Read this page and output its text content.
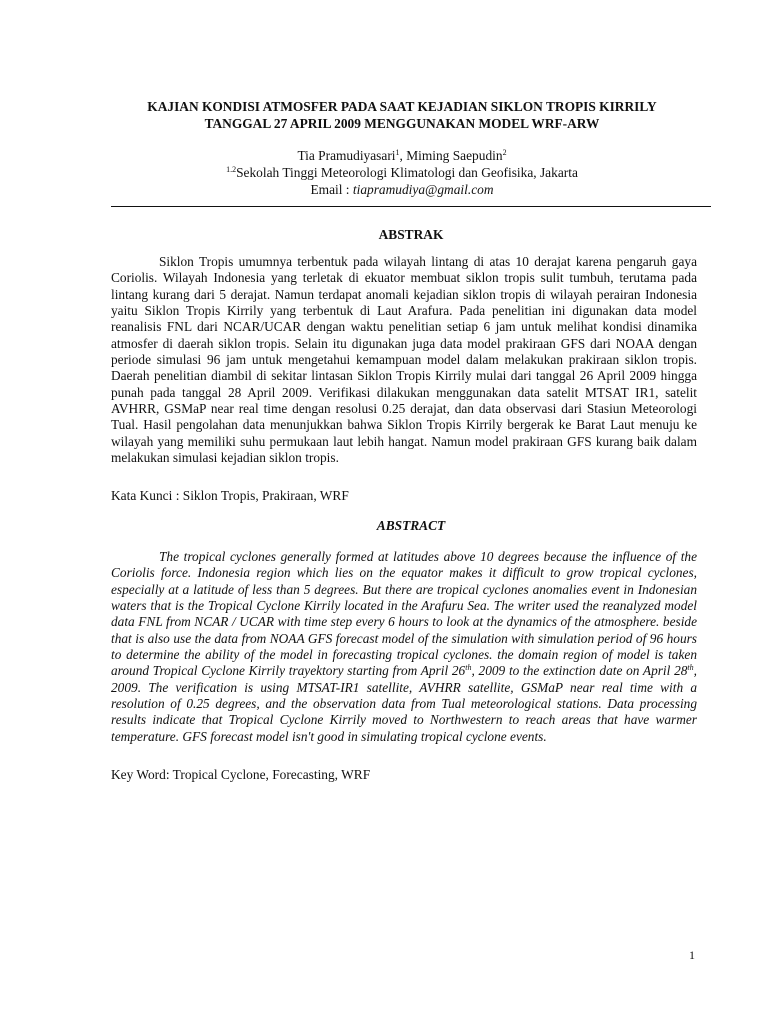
KAJIAN KONDISI ATMOSFER PADA SAAT KEJADIAN SIKLON TROPIS KIRRILY
TANGGAL 27 APRIL 2009 MENGGUNAKAN MODEL WRF-ARW
Tia Pramudiyasari$^1$, Miming Saepudin$^2$
$^{1.2}$Sekolah Tinggi Meteorologi Klimatologi dan Geofisika, Jakarta
Email : tiapramudiya@gmail.com
ABSTRAK

Siklon Tropis umumnya terbentuk pada wilayah lintang di atas 10 derajat karena pengaruh gaya Coriolis. Wilayah Indonesia yang terletak di ekuator membuat siklon tropis sulit tumbuh, terutama pada lintang kurang dari 5 derajat. Namun terdapat anomali kejadian siklon tropis di wilayah perairan Indonesia yaitu Siklon Tropis Kirrily yang terbentuk di Laut Arafura. Pada penelitian ini digunakan data model reanalisis FNL dari NCAR/UCAR dengan waktu penelitian setiap 6 jam untuk melihat kondisi dinamika atmosfer di daerah siklon tropis. Selain itu digunakan juga data model prakiraan GFS dari NOAA dengan periode simulasi 96 jam untuk mengetahui kemampuan model dalam melakukan prakiraan siklon tropis. Daerah penelitian diambil di sekitar lintasan Siklon Tropis Kirrily mulai dari tanggal 26 April 2009 hingga punah pada tanggal 28 April 2009. Verifikasi dilakukan menggunakan data satelit MTSAT IR1, satelit AVHRR, GSMaP near real time dengan resolusi 0.25 derajat, dan data observasi dari Stasiun Meteorologi Tual. Hasil pengolahan data menunjukkan bahwa Siklon Tropis Kirrily bergerak ke Barat Laut menuju ke wilayah yang memiliki suhu permukaan laut lebih hangat. Namun model prakiraan GFS kurang baik dalam melakukan simulasi kejadian siklon tropis.

Kata Kunci : Siklon Tropis, Prakiraan, WRF

ABSTRACT

The tropical cyclones generally formed at latitudes above 10 degrees because the influence of the Coriolis force. Indonesia region which lies on the equator makes it difficult to grow tropical cyclones, especially at a latitude of less than 5 degrees. But there are tropical cyclones anomalies event in Indonesian waters that is the Tropical Cyclone Kirrily located in the Arafuru Sea. The writer used the reanalyzed model data FNL from NCAR / UCAR with time step every 6 hours to look at the dynamics of the atmosphere. beside that is also use the data from NOAA GFS forecast model of the simulation with simulation period of 96 hours to determine the ability of the model in forecasting tropical cyclones. the domain region of model is taken around Tropical Cyclone Kirrily trayektory starting from April 26th, 2009 to the extinction date on April 28th, 2009. The verification is using MTSAT-IR1 satellite, AVHRR satellite, GSMaP near real time with a resolution of 0.25 degrees, and the observation data from Tual meteorological stations. Data processing results indicate that Tropical Cyclone Kirrily moved to Northwestern to reach areas that have warmer temperature. GFS forecast model isn't good in simulating tropical cyclone events.

Key Word: Tropical Cyclone, Forecasting, WRF

1
